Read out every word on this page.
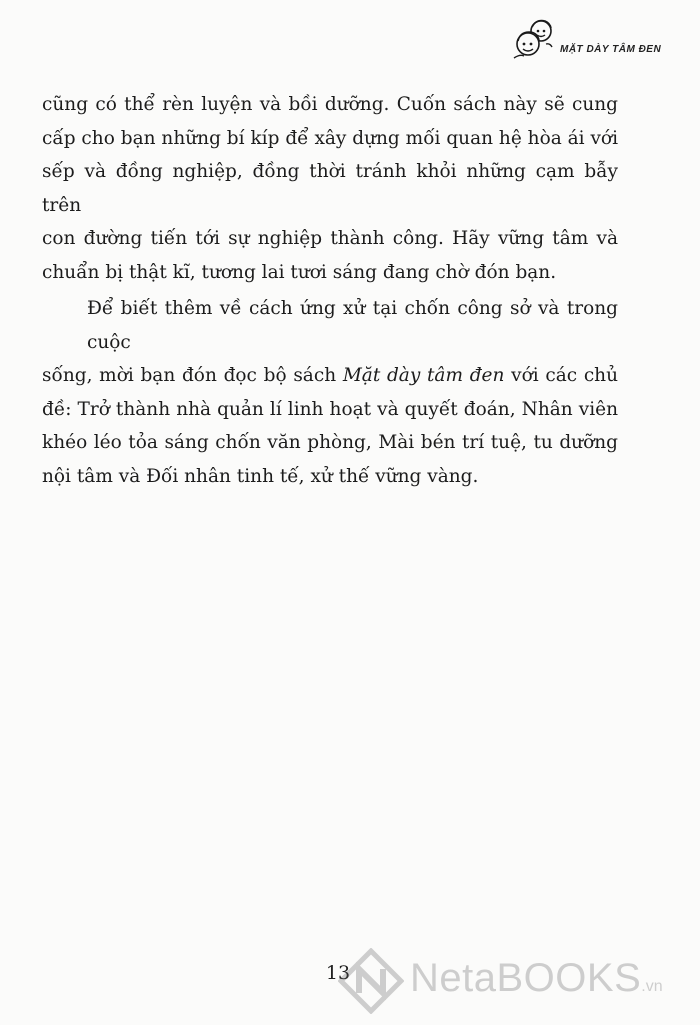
MẶT DÀY TÂM ĐEN

cũng có thể rèn luyện và bồi dưỡng. Cuốn sách này sẽ cung
cấp cho bạn những bí kíp để xây dựng mối quan hệ hòa ái với
sếp và đồng nghiệp, đồng thời tránh khỏi những cạm bẫy trên
con đường tiến tới sự nghiệp thành công. Hãy vững tâm và
chuẩn bị thật kĩ, tương lai tươi sáng đang chờ đón bạn.

Để biết thêm về cách ứng xử tại chốn công sở và trong cuộc
sống, mời bạn đón đọc bộ sách Mặt dày tâm đen với các chủ
đề: Trở thành nhà quản lí linh hoạt và quyết đoán, Nhân viên
khéo léo tỏa sáng chốn văn phòng, Mài bén trí tuệ, tu dưỡng
nội tâm và Đối nhân tinh tế, xử thế vững vàng.

13 NetaBOOKS.vn
